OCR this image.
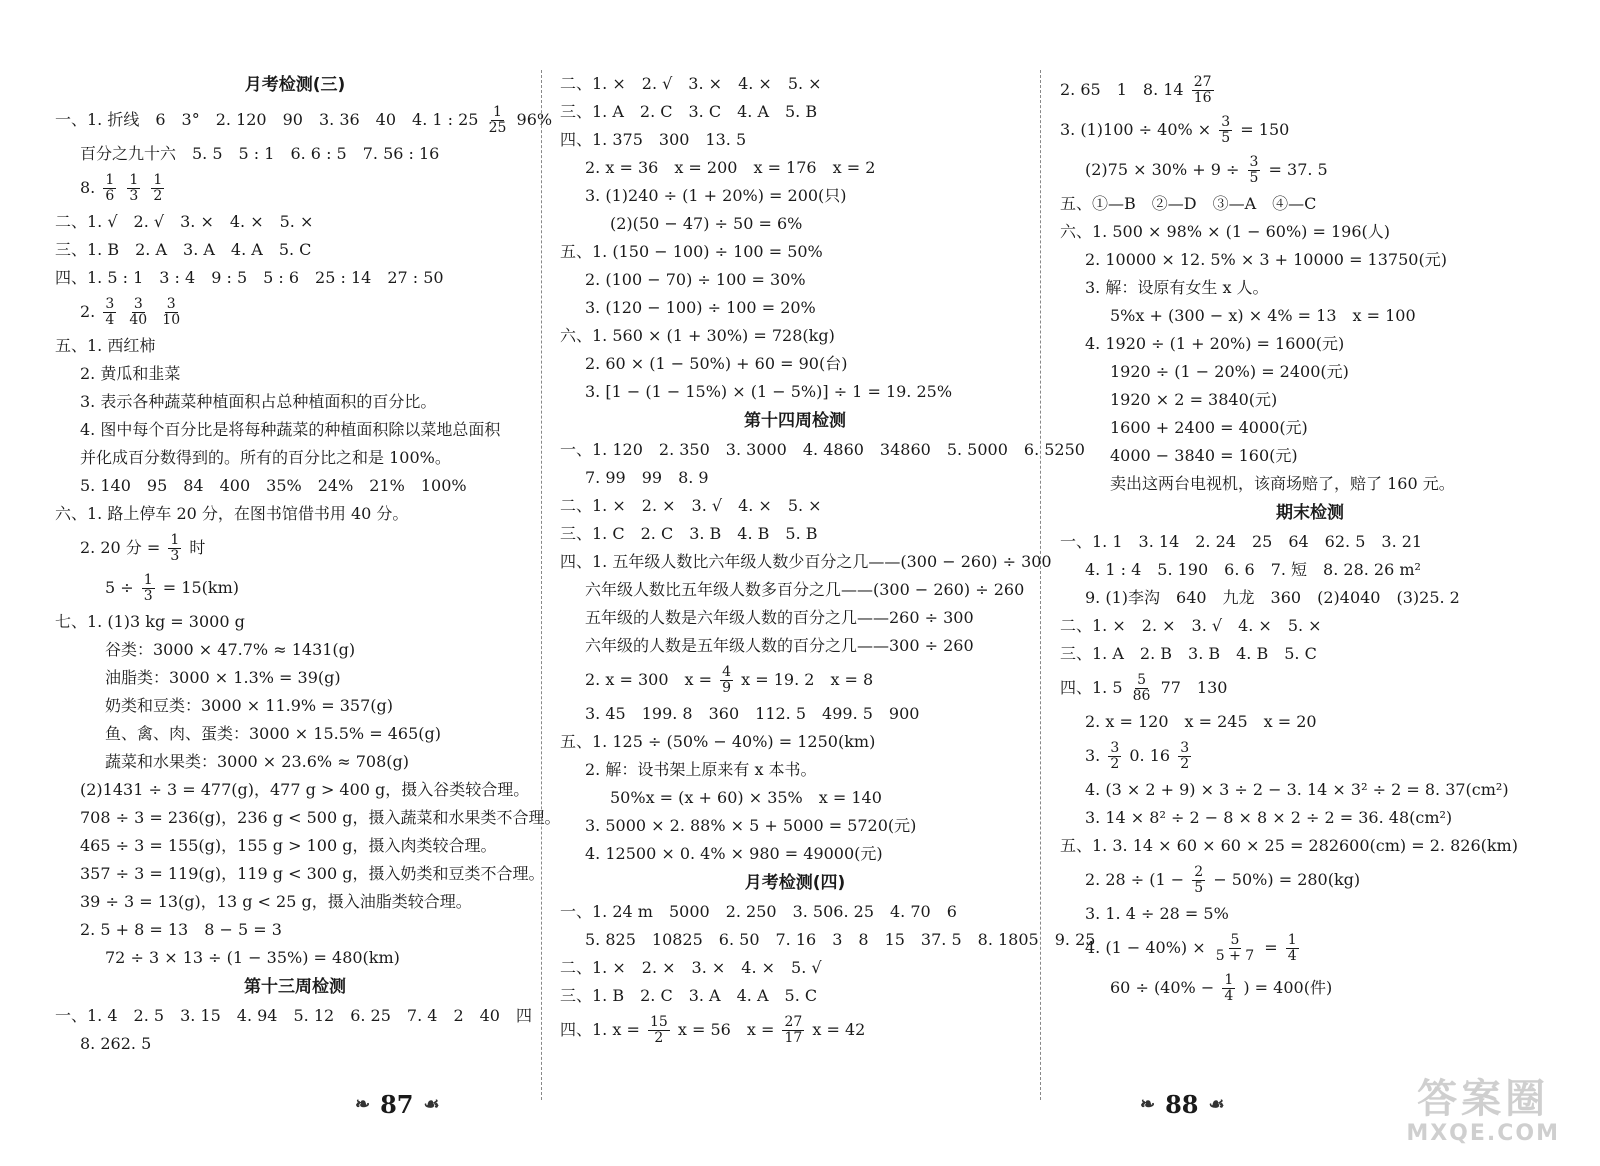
月考检测(三)
一、1. 折线　6　3°　2. 120　90　3. 36　40　4. 1 : $25 \frac{1}{25} 96\%$
百分之九十六　5. 5　5 : 1　6. 6 : 5　7. 56 : 16
8. $\frac{1}{6}$
$\frac{1}{3}$
$\frac{1}{2}$
二、1. √　2. √　3. ×　4. ×　5. ×
三、1. B　2. A　3. A　4. A　5. C
四、1. 5 : 1　3 : 4　9 : 5　5 : 6　25 : 14　27 : 50
2. $\frac{3}{4}$
$\frac{3}{40}$
$\frac{3}{10}$
五、1. 西红柿
2. 黄瓜和韭菜
3. 表示各种蔬菜种植面积占总种植面积的百分比。
4. 图中每个百分比是将每种蔬菜的种植面积除以菜地总面积
并化成百分数得到的。所有的百分比之和是 100%。
5. 140　95　84　400　35%　24%　21%　100%
六、1. 路上停车 20 分，在图书馆借书用 40 分。
2. 20 分 = $\frac{1}{3}$ 时
$5 \div \frac{1}{3} = 15(km)$
七、1. (1)3 kg = 3000 g
谷类：3000 × 47.7% ≈ 1431(g)
油脂类：3000 × 1.3% = 39(g)
奶类和豆类：3000 × 11.9% = 357(g)
鱼、禽、肉、蛋类：3000 × 15.5% = 465(g)
蔬菜和水果类：3000 × 23.6% ≈ 708(g)
(2)1431 ÷ 3 = 477(g)，477 g > 400 g，摄入谷类较合理。
708 ÷ 3 = 236(g)，236 g < 500 g，摄入蔬菜和水果类不合理。
465 ÷ 3 = 155(g)，155 g > 100 g，摄入肉类较合理。
357 ÷ 3 = 119(g)，119 g < 300 g，摄入奶类和豆类不合理。
39 ÷ 3 = 13(g)，13 g < 25 g，摄入油脂类较合理。
2. 5 + 8 = 13　8 − 5 = 3
72 ÷ 3 × 13 ÷ (1 − 35%) = 480(km)
第十三周检测
一、1. 4　2. 5　3. 15　4. 94　5. 12　6. 25　7. 4　2　40　四
8. 262. 5
二、1. ×　2. √　3. ×　4. ×　5. ×
三、1. A　2. C　3. C　4. A　5. B
四、1. 375　300　13. 5
2. x = 36　x = 200　x = 176　x = 2
3. (1)240 ÷ (1 + 20%) = 200(只)
(2)(50 − 47) ÷ 50 = 6%
五、1. (150 − 100) ÷ 100 = 50%
2. (100 − 70) ÷ 100 = 30%
3. (120 − 100) ÷ 100 = 20%
六、1. 560 × (1 + 30%) = 728(kg)
2. 60 × (1 − 50%) + 60 = 90(台)
3. [1 − (1 − 15%) × (1 − 5%)] ÷ 1 = 19. 25%
第十四周检测
一、1. 120　2. 350　3. 3000　4. 4860　34860　5. 5000　6. 5250
7. 99　99　8. 9
二、1. ×　2. ×　3. √　4. ×　5. ×
三、1. C　2. C　3. B　4. B　5. B
四、1. 五年级人数比六年级人数少百分之几——(300 − 260) ÷ 300
六年级人数比五年级人数多百分之几——(300 − 260) ÷ 260
五年级的人数是六年级人数的百分之几——260 ÷ 300
六年级的人数是五年级人数的百分之几——300 ÷ 260
2. x = 300　$x = \frac{4}{9}$ x = 19. 2　x = 8
3. 45　199. 8　360　112. 5　499. 5　900
五、1. 125 ÷ (50% − 40%) = 1250(km)
2. 解：设书架上原来有 x 本书。
50%x = (x + 60) × 35%　x = 140
3. 5000 × 2. 88% × 5 + 5000 = 5720(元)
4. 12500 × 0. 4% × 980 = 49000(元)
月考检测(四)
一、1. 24 m　5000　2. 250　3. 506. 25　4. 70　6
5. 825　10825　6. 50　7. 16　3　8　15　37. 5　8. 1805　9. 25
二、1. ×　2. ×　3. ×　4. ×　5. √
三、1. B　2. C　3. A　4. A　5. C
四、1. $x = \frac{15}{2}$ x = 56　$x = \frac{27}{17}$ x = 42
2. 65　1　8. $14 \frac{27}{16}$
3. $(1)100 \div 40\% \times \frac{3}{5} = 150$
$(2)75 \times 30\% + 9 \div \frac{3}{5} = 37$. 5
五、①—B　②—D　③—A　④—C
六、1. 500 × 98% × (1 − 60%) = 196(人)
2. 10000 × 12. 5% × 3 + 10000 = 13750(元)
3. 解：设原有女生 x 人。
5%x + (300 − x) × 4% = 13　x = 100
4. 1920 ÷ (1 + 20%) = 1600(元)
1920 ÷ (1 − 20%) = 2400(元)
1920 × 2 = 3840(元)
1600 + 2400 = 4000(元)
4000 − 3840 = 160(元)
卖出这两台电视机，该商场赔了，赔了 160 元。
期末检测
一、1. 1　3. 14　2. 24　25　64　62. 5　3. 21
4. 1 : 4　5. 190　6. 6　7. 短　8. 28. 26 m²
9. (1)李沟　640　九龙　360　(2)4040　(3)25. 2
二、1. ×　2. ×　3. √　4. ×　5. ×
三、1. A　2. B　3. B　4. B　5. C
四、1. $5 \frac{5}{86} 77$　130
2. x = 120　x = 245　x = 20
3. $\frac{3}{2} 0$. $16 \frac{3}{2}$
4. (3 × 2 + 9) × 3 ÷ 2 − 3. 14 × 3² ÷ 2 = 8. 37(cm²)
3. 14 × 8² ÷ 2 − 8 × 8 × 2 ÷ 2 = 36. 48(cm²)
五、1. 3. 14 × 60 × 60 × 25 = 282600(cm) = 2. 826(km)
2. $28 \div (1 - \frac{2}{5} - 50\%) = 280(kg)$
3. 1. 4 ÷ 28 = 5%
4. $(1 - 40\%) \times \frac{5}{5 + 7} = \frac{1}{4}$
$60 \div (40\% - \frac{1}{4}$ ) = 400(件)
❧ 87 ☙	❧ 88 ☙	答案圈
MXQE.COM
